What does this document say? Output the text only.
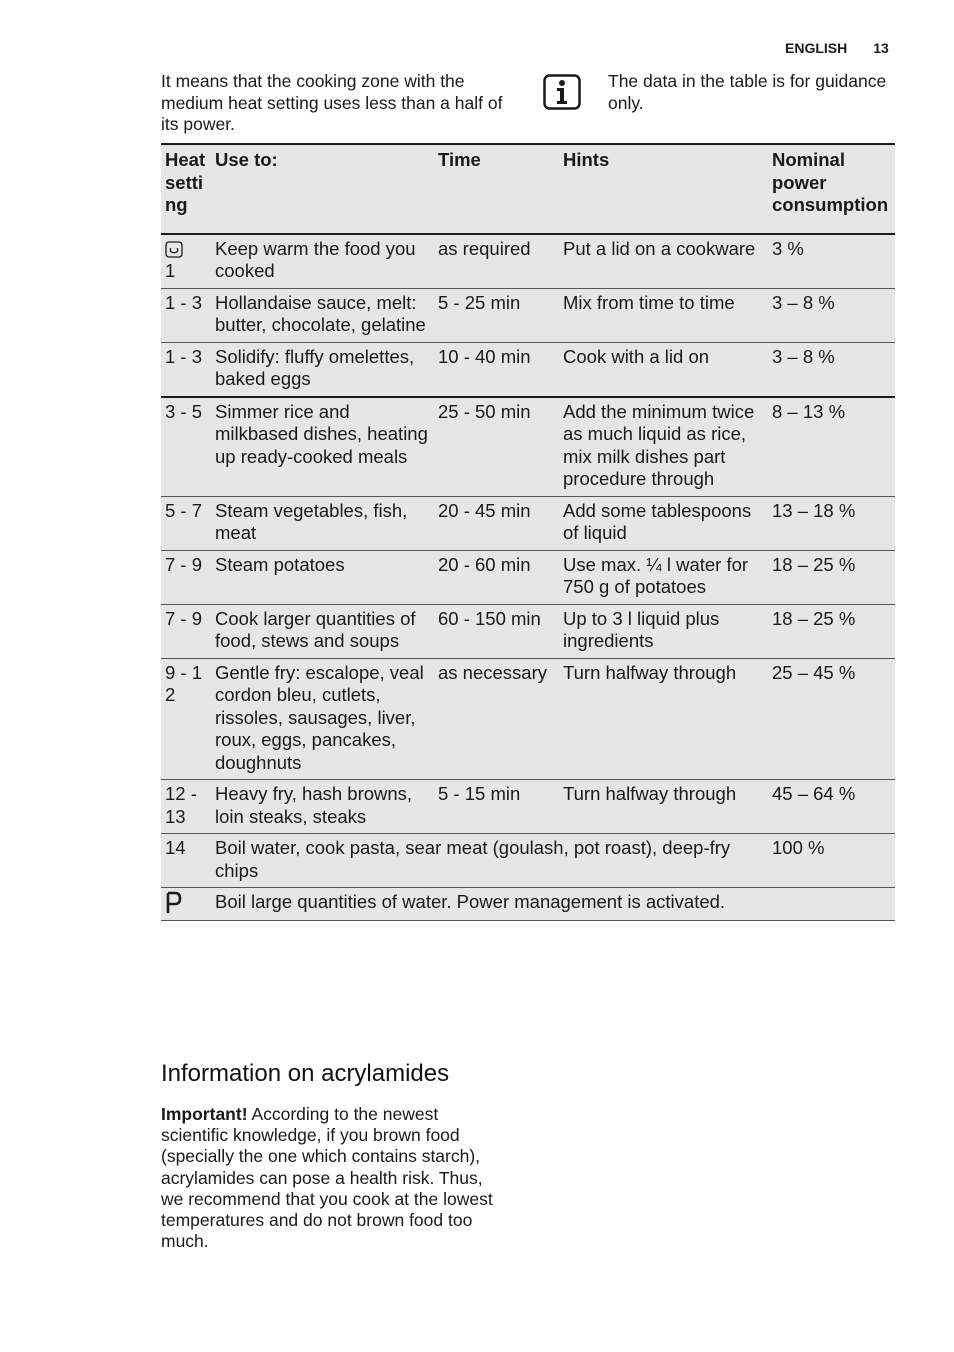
ENGLISH 13
It means that the cooking zone with the medium heat setting uses less than a half of its power.
The data in the table is for guidance only.
Heat setting	Use to:	Time	Hints	Nominal power consumption

1	Keep warm the food you cooked	as required	Put a lid on a cookware	3 %
1 - 3	Hollandaise sauce, melt: butter, chocolate, gelatine	5 - 25 min	Mix from time to time	3 – 8 %
1 - 3	Solidify: fluffy omelettes, baked eggs	10 - 40 min	Cook with a lid on	3 – 8 %
3 - 5	Simmer rice and milkbased dishes, heating up ready-cooked meals	25 - 50 min	Add the minimum twice as much liquid as rice, mix milk dishes part procedure through	8 – 13 %
5 - 7	Steam vegetables, fish, meat	20 - 45 min	Add some tablespoons of liquid	13 – 18 %
7 - 9	Steam potatoes	20 - 60 min	Use max. ¼ l water for 750 g of potatoes	18 – 25 %
7 - 9	Cook larger quantities of food, stews and soups	60 - 150 min	Up to 3 l liquid plus ingredients	18 – 25 %
9 - 12	Gentle fry: escalope, veal cordon bleu, cutlets, rissoles, sausages, liver, roux, eggs, pancakes, doughnuts	as necessary	Turn halfway through	25 – 45 %
12 - 13	Heavy fry, hash browns, loin steaks, steaks	5 - 15 min	Turn halfway through	45 – 64 %
14	Boil water, cook pasta, sear meat (goulash, pot roast), deep-fry chips			100 %
	Boil large quantities of water. Power management is activated.			
Information on acrylamides
Important! According to the newest scientific knowledge, if you brown food (specially the one which contains starch), acrylamides can pose a health risk. Thus, we recommend that you cook at the lowest temperatures and do not brown food too much.
